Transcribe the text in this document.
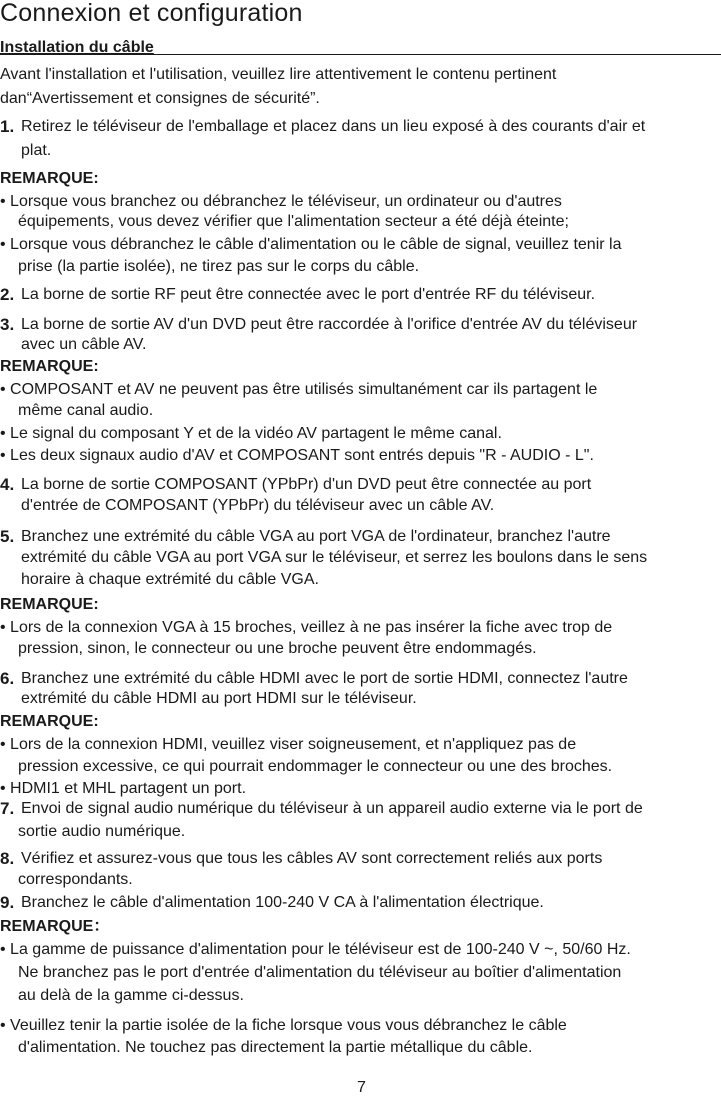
Connexion et configuration
Installation du câble
Avant l'installation et l'utilisation, veuillez lire attentivement le contenu pertinent
dan“Avertissement et consignes de sécurité”.
1. Retirez le téléviseur de l'emballage et placez dans un lieu exposé à des courants d'air et
plat.
REMARQUE:
• Lorsque vous branchez ou débranchez le téléviseur, un ordinateur ou d'autres
équipements, vous devez vérifier que l'alimentation secteur a été déjà éteinte;
• Lorsque vous débranchez le câble d'alimentation ou le câble de signal, veuillez tenir la
prise (la partie isolée), ne tirez pas sur le corps du câble.
2. La borne de sortie RF peut être connectée avec le port d'entrée RF du téléviseur.
3. La borne de sortie AV d'un DVD peut être raccordée à l'orifice d'entrée AV du téléviseur
avec un câble AV.
REMARQUE:
• COMPOSANT et AV ne peuvent pas être utilisés simultanément car ils partagent le
même canal audio.
• Le signal du composant Y et de la vidéo AV partagent le même canal.
• Les deux signaux audio d'AV et COMPOSANT sont entrés depuis "R - AUDIO - L".
4. La borne de sortie COMPOSANT (YPbPr) d'un DVD peut être connectée au port
d'entrée de COMPOSANT (YPbPr) du téléviseur avec un câble AV.
5. Branchez une extrémité du câble VGA au port VGA de l'ordinateur, branchez l'autre
extrémité du câble VGA au port VGA sur le téléviseur, et serrez les boulons dans le sens
horaire à chaque extrémité du câble VGA.
REMARQUE:
• Lors de la connexion VGA à 15 broches, veillez à ne pas insérer la fiche avec trop de
pression, sinon, le connecteur ou une broche peuvent être endommagés.
6. Branchez une extrémité du câble HDMI avec le port de sortie HDMI, connectez l'autre
extrémité du câble HDMI au port HDMI sur le téléviseur.
REMARQUE:
• Lors de la connexion HDMI, veuillez viser soigneusement, et n'appliquez pas de
pression excessive, ce qui pourrait endommager le connecteur ou une des broches.
• HDMI1 et MHL partagent un port.
7. Envoi de signal audio numérique du téléviseur à un appareil audio externe via le port de
sortie audio numérique.
8. Vérifiez et assurez-vous que tous les câbles AV sont correctement reliés aux ports
correspondants.
9. Branchez le câble d'alimentation 100-240 V CA à l'alimentation électrique.
REMARQUE：
• La gamme de puissance d'alimentation pour le téléviseur est de 100-240 V ~, 50/60 Hz.
Ne branchez pas le port d'entrée d'alimentation du téléviseur au boîtier d'alimentation
au delà de la gamme ci-dessus.
• Veuillez tenir la partie isolée de la fiche lorsque vous vous débranchez le câble
d'alimentation. Ne touchez pas directement la partie métallique du câble.
7
